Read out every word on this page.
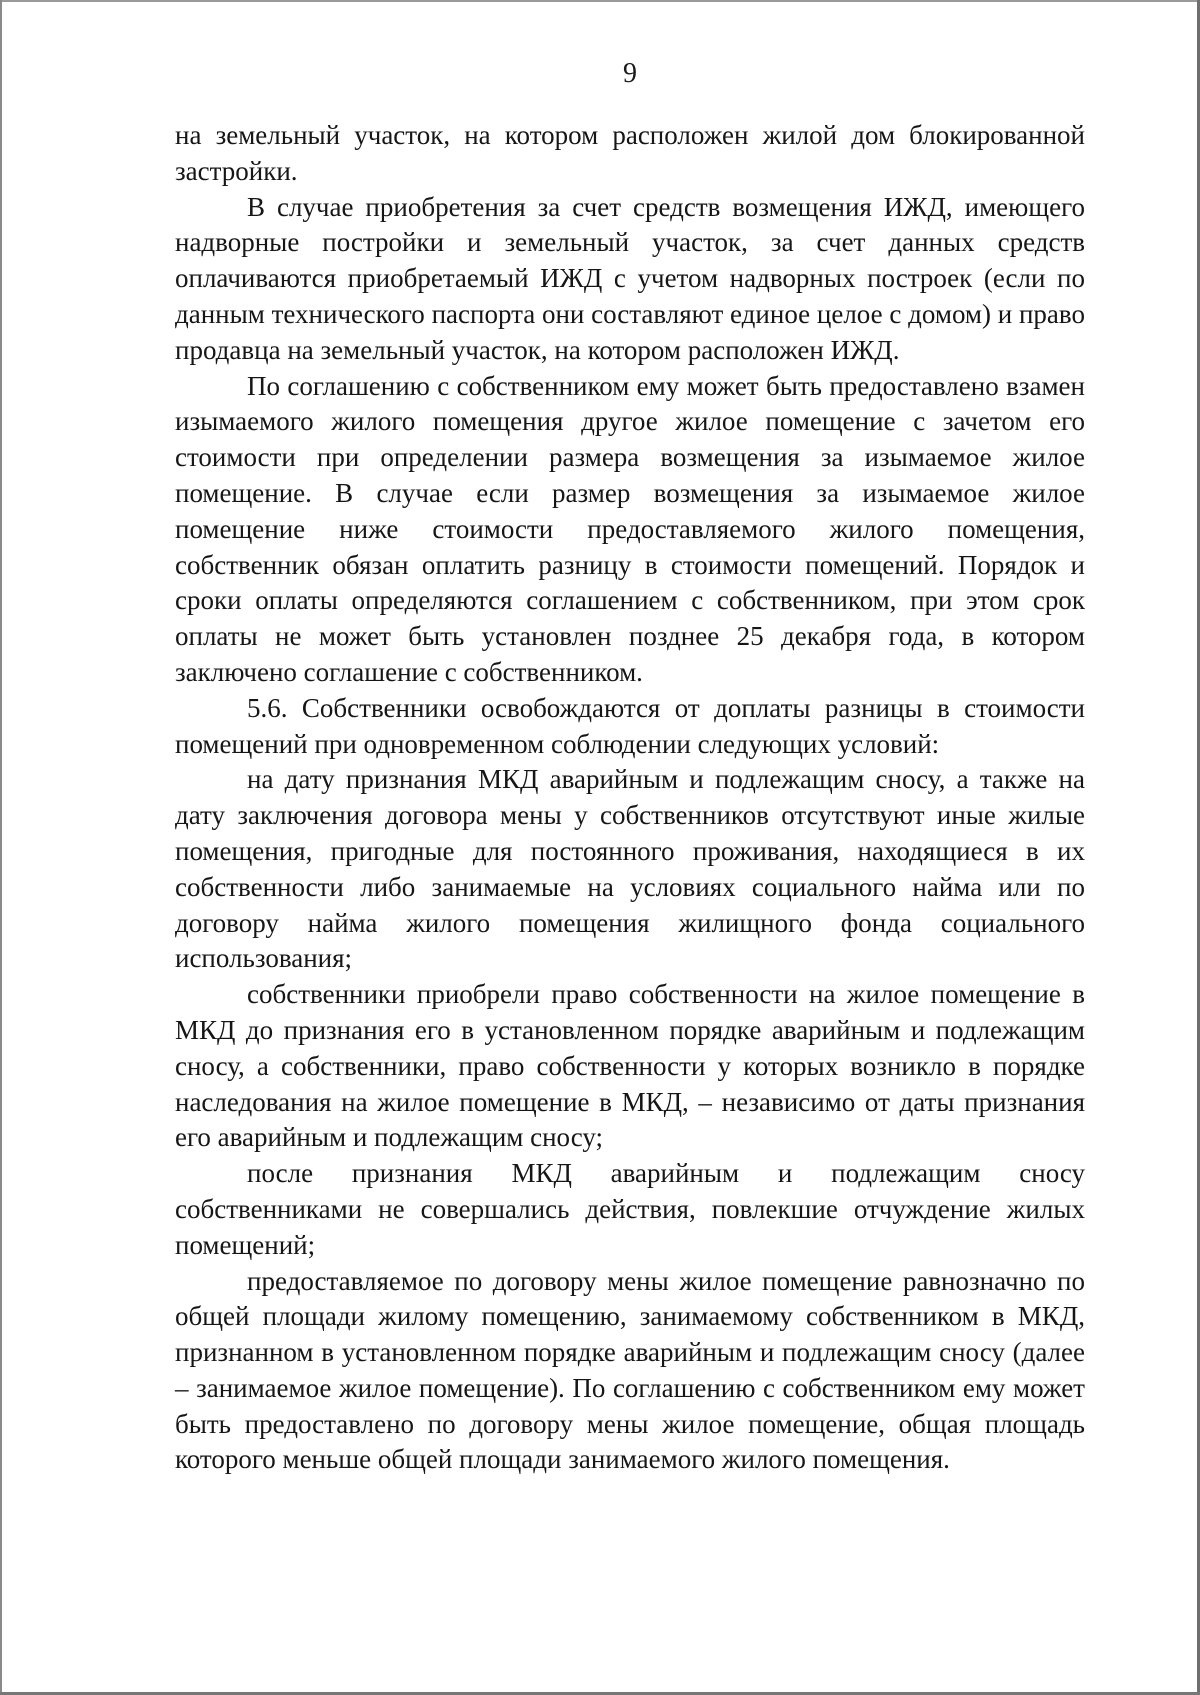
9

на земельный участок, на котором расположен жилой дом блокированной застройки.

В случае приобретения за счет средств возмещения ИЖД, имеющего надворные постройки и земельный участок, за счет данных средств оплачиваются приобретаемый ИЖД с учетом надворных построек (если по данным технического паспорта они составляют единое целое с домом) и право продавца на земельный участок, на котором расположен ИЖД.

По соглашению с собственником ему может быть предоставлено взамен изымаемого жилого помещения другое жилое помещение с зачетом его стоимости при определении размера возмещения за изымаемое жилое помещение. В случае если размер возмещения за изымаемое жилое помещение ниже стоимости предоставляемого жилого помещения, собственник обязан оплатить разницу в стоимости помещений. Порядок и сроки оплаты определяются соглашением с собственником, при этом срок оплаты не может быть установлен позднее 25 декабря года, в котором заключено соглашение с собственником.

5.6. Собственники освобождаются от доплаты разницы в стоимости помещений при одновременном соблюдении следующих условий:

на дату признания МКД аварийным и подлежащим сносу, а также на дату заключения договора мены у собственников отсутствуют иные жилые помещения, пригодные для постоянного проживания, находящиеся в их собственности либо занимаемые на условиях социального найма или по договору найма жилого помещения жилищного фонда социального использования;

собственники приобрели право собственности на жилое помещение в МКД до признания его в установленном порядке аварийным и подлежащим сносу, а собственники, право собственности у которых возникло в порядке наследования на жилое помещение в МКД, – независимо от даты признания его аварийным и подлежащим сносу;

после признания МКД аварийным и подлежащим сносу собственниками не совершались действия, повлекшие отчуждение жилых помещений;

предоставляемое по договору мены жилое помещение равнозначно по общей площади жилому помещению, занимаемому собственником в МКД, признанном в установленном порядке аварийным и подлежащим сносу (далее – занимаемое жилое помещение). По соглашению с собственником ему может быть предоставлено по договору мены жилое помещение, общая площадь которого меньше общей площади занимаемого жилого помещения.
